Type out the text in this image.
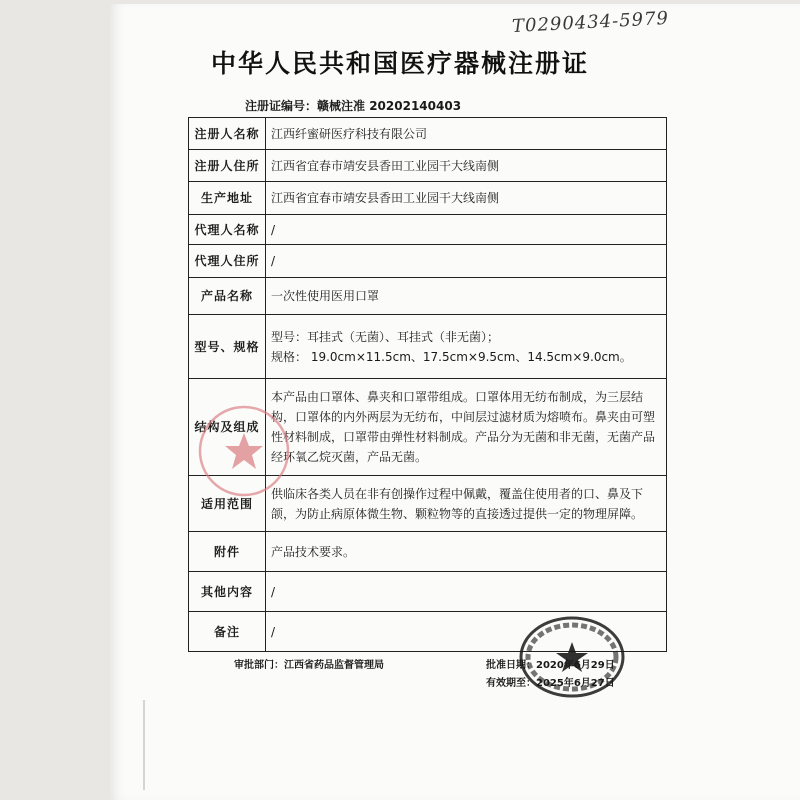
T0290434-5979
中华人民共和国医疗器械注册证
注册证编号：赣械注准 20202140403
注册人名称	江西纤蜜研医疗科技有限公司
注册人住所	江西省宜春市靖安县香田工业园干大线南侧
生产地址	江西省宜春市靖安县香田工业园干大线南侧
代理人名称	/
代理人住所	/
产品名称	一次性使用医用口罩
型号、规格	型号：耳挂式（无菌）、耳挂式（非无菌）；
规格： 19.0cm×11.5cm、17.5cm×9.5cm、14.5cm×9.0cm。

结构及组成	本产品由口罩体、鼻夹和口罩带组成。口罩体用无纺布制成，为三层结构，口罩体的内外两层为无纺布，中间层过滤材质为熔喷布。鼻夹由可塑性材料制成，口罩带由弹性材料制成。产品分为无菌和非无菌，无菌产品经环氧乙烷灭菌，产品无菌。
适用范围	供临床各类人员在非有创操作过程中佩戴，覆盖住使用者的口、鼻及下颌，为防止病原体微生物、颗粒物等的直接透过提供一定的物理屏障。
附件	产品技术要求。
其他内容	/
备注	/
审批部门：江西省药品监督管理局	批准日期：2020年6月29日
有效期至：2025年6月27日
